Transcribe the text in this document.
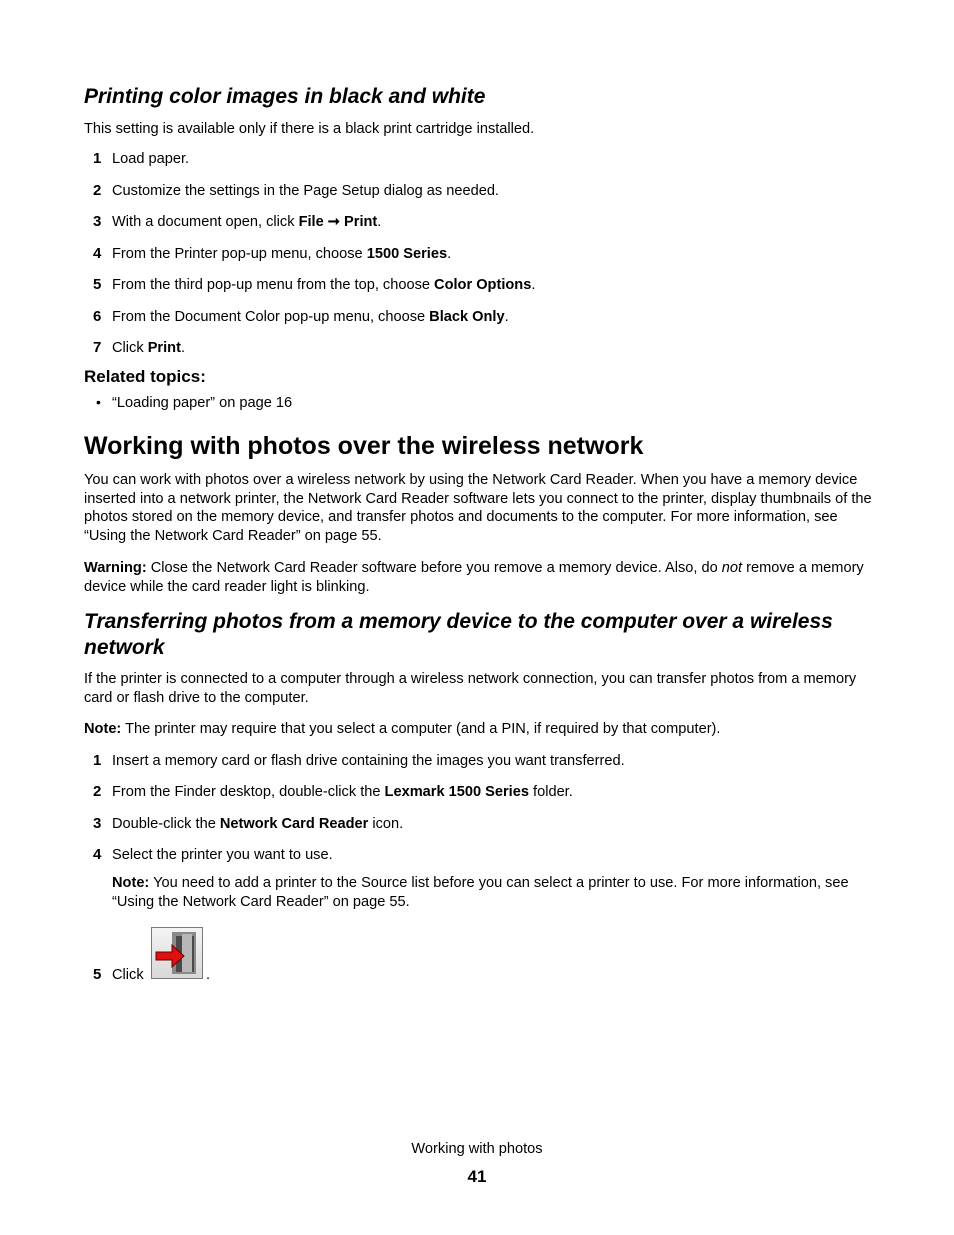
Printing color images in black and white
This setting is available only if there is a black print cartridge installed.
1 Load paper.
2 Customize the settings in the Page Setup dialog as needed.
3 With a document open, click File ➞ Print.
4 From the Printer pop-up menu, choose 1500 Series.
5 From the third pop-up menu from the top, choose Color Options.
6 From the Document Color pop-up menu, choose Black Only.
7 Click Print.
Related topics:
• “Loading paper” on page 16
Working with photos over the wireless network
You can work with photos over a wireless network by using the Network Card Reader. When you have a memory device inserted into a network printer, the Network Card Reader software lets you connect to the printer, display thumbnails of the photos stored on the memory device, and transfer photos and documents to the computer. For more information, see “Using the Network Card Reader” on page 55.
Warning: Close the Network Card Reader software before you remove a memory device. Also, do not remove a memory device while the card reader light is blinking.
Transferring photos from a memory device to the computer over a wireless network
If the printer is connected to a computer through a wireless network connection, you can transfer photos from a memory card or flash drive to the computer.
Note: The printer may require that you select a computer (and a PIN, if required by that computer).
1 Insert a memory card or flash drive containing the images you want transferred.
2 From the Finder desktop, double-click the Lexmark 1500 Series folder.
3 Double-click the Network Card Reader icon.
4 Select the printer you want to use.
Note: You need to add a printer to the Source list before you can select a printer to use. For more information, see “Using the Network Card Reader” on page 55.
5 Click	.
Working with photos
41
